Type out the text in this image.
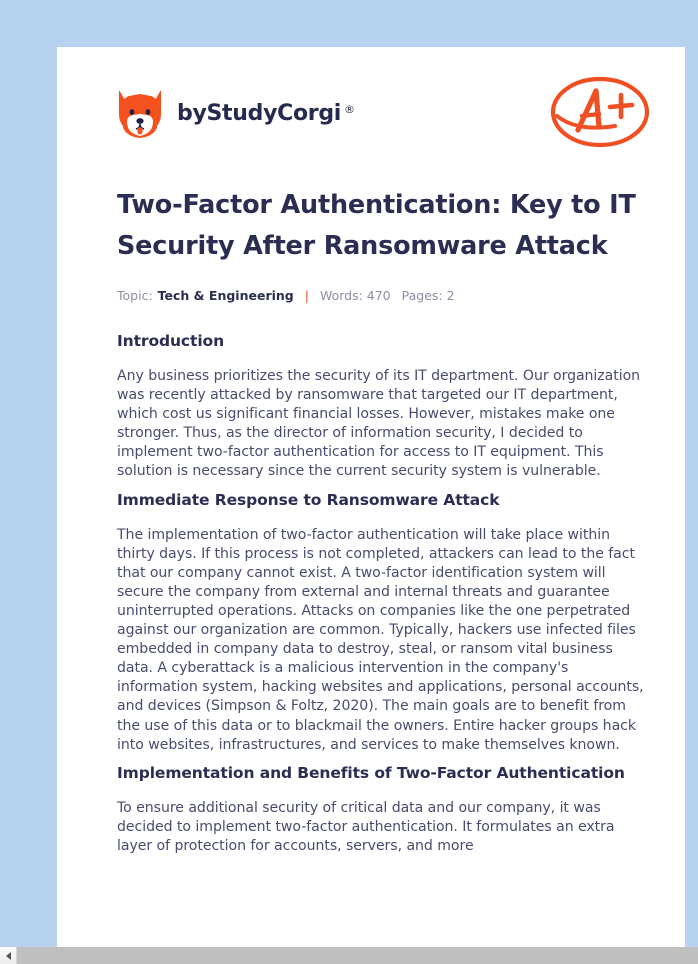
by StudyCorgi ®
Two-Factor Authentication: Key to IT Security After Ransomware Attack
Topic: Tech & Engineering | Words: 470 Pages: 2
Introduction

Any business prioritizes the security of its IT department. Our organization was recently attacked by ransomware that targeted our IT department, which cost us significant financial losses. However, mistakes make one stronger. Thus, as the director of information security, I decided to implement two-factor authentication for access to IT equipment. This solution is necessary since the current security system is vulnerable.

Immediate Response to Ransomware Attack

The implementation of two-factor authentication will take place within thirty days. If this process is not completed, attackers can lead to the fact that our company cannot exist. A two-factor identification system will secure the company from external and internal threats and guarantee uninterrupted operations. Attacks on companies like the one perpetrated against our organization are common. Typically, hackers use infected files embedded in company data to destroy, steal, or ransom vital business data. A cyberattack is a malicious intervention in the company's information system, hacking websites and applications, personal accounts, and devices (Simpson & Foltz, 2020). The main goals are to benefit from the use of this data or to blackmail the owners. Entire hacker groups hack into websites, infrastructures, and services to make themselves known.

Implementation and Benefits of Two-Factor Authentication

To ensure additional security of critical data and our company, it was decided to implement two-factor authentication. It formulates an extra layer of protection for accounts, servers, and more
